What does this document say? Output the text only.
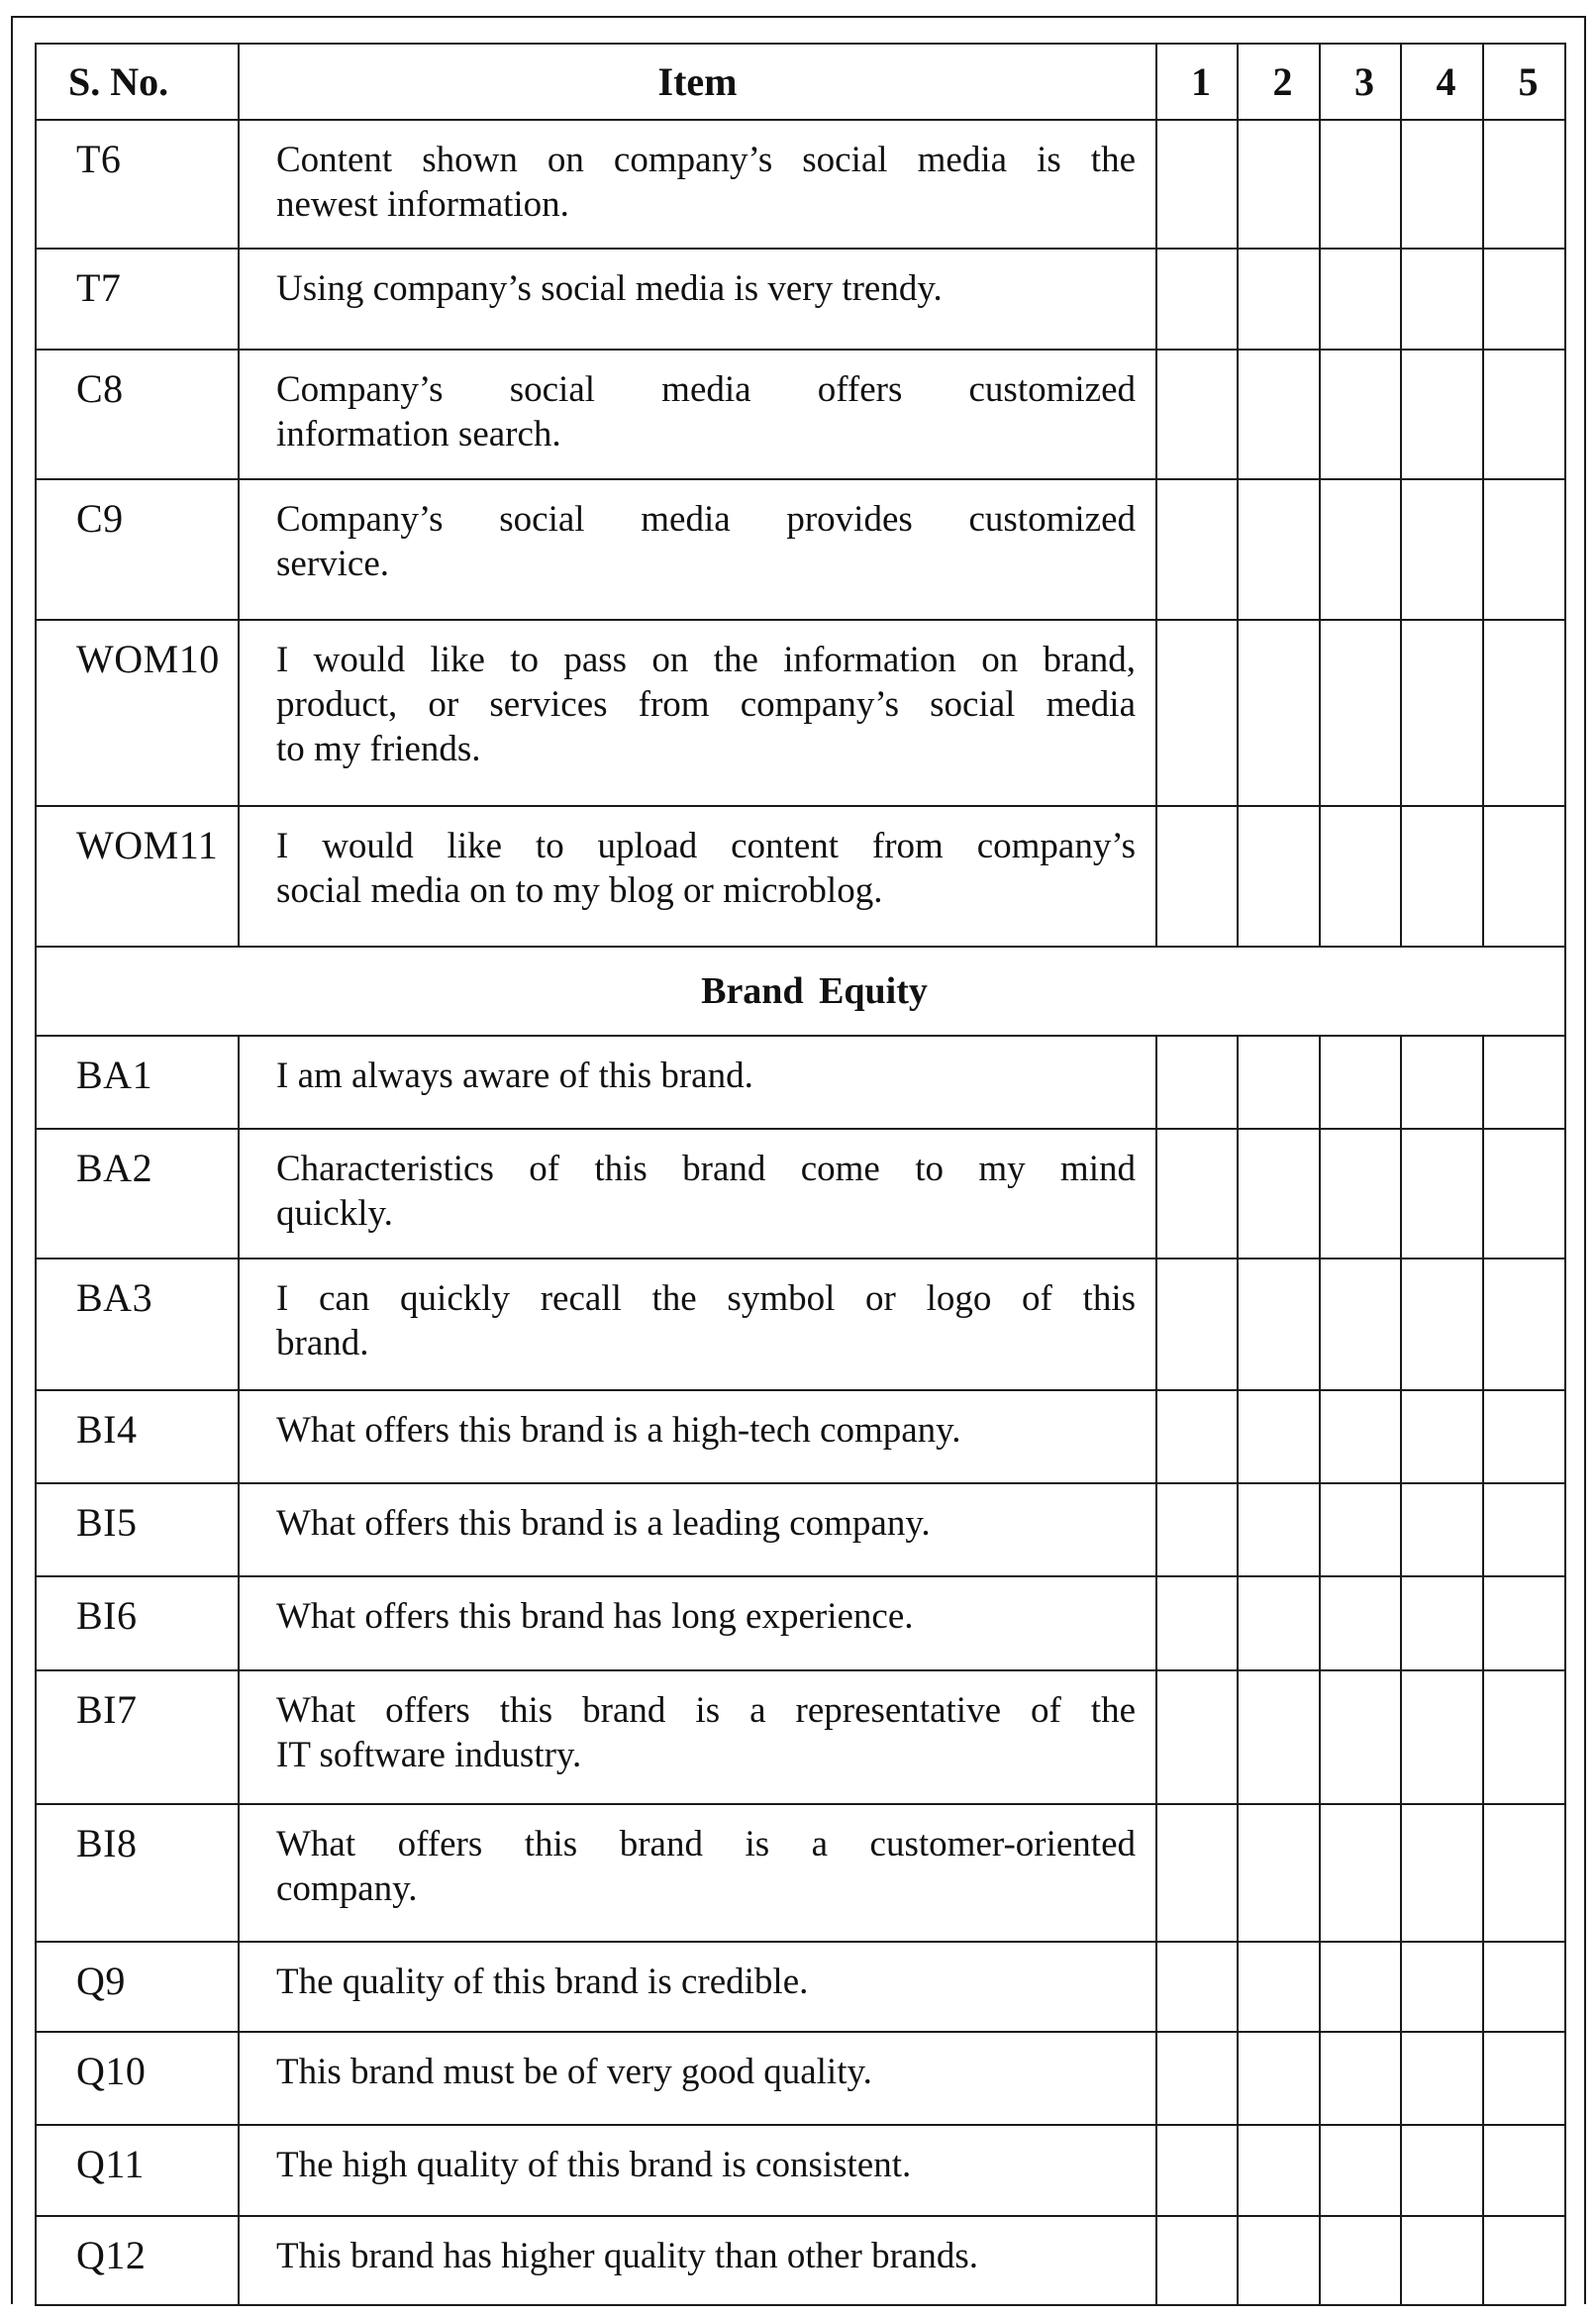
S. No.	Item	1	2	3	4	5
T6	Content shown on company’s social media is the
newest information.					

T7	Using company’s social media is very trendy.					

C8	Company’s social media offers customized
information search.					

C9	Company’s social media provides customized
service.					

WOM10	I would like to pass on the information on brand,
product, or services from company’s social media
to my friends.					

WOM11	I would like to upload content from company’s
social media on to my blog or microblog.					

Brand Equity						
BA1	I am always aware of this brand.					

BA2	Characteristics of this brand come to my mind
quickly.					

BA3	I can quickly recall the symbol or logo of this
brand.					

BI4	What offers this brand is a high-tech company.					

BI5	What offers this brand is a leading company.					

BI6	What offers this brand has long experience.					

BI7	What offers this brand is a representative of the
IT software industry.					

BI8	What offers this brand is a customer-oriented
company.					

Q9	The quality of this brand is credible.					

Q10	This brand must be of very good quality.					

Q11	The high quality of this brand is consistent.					

Q12	This brand has higher quality than other brands.					
